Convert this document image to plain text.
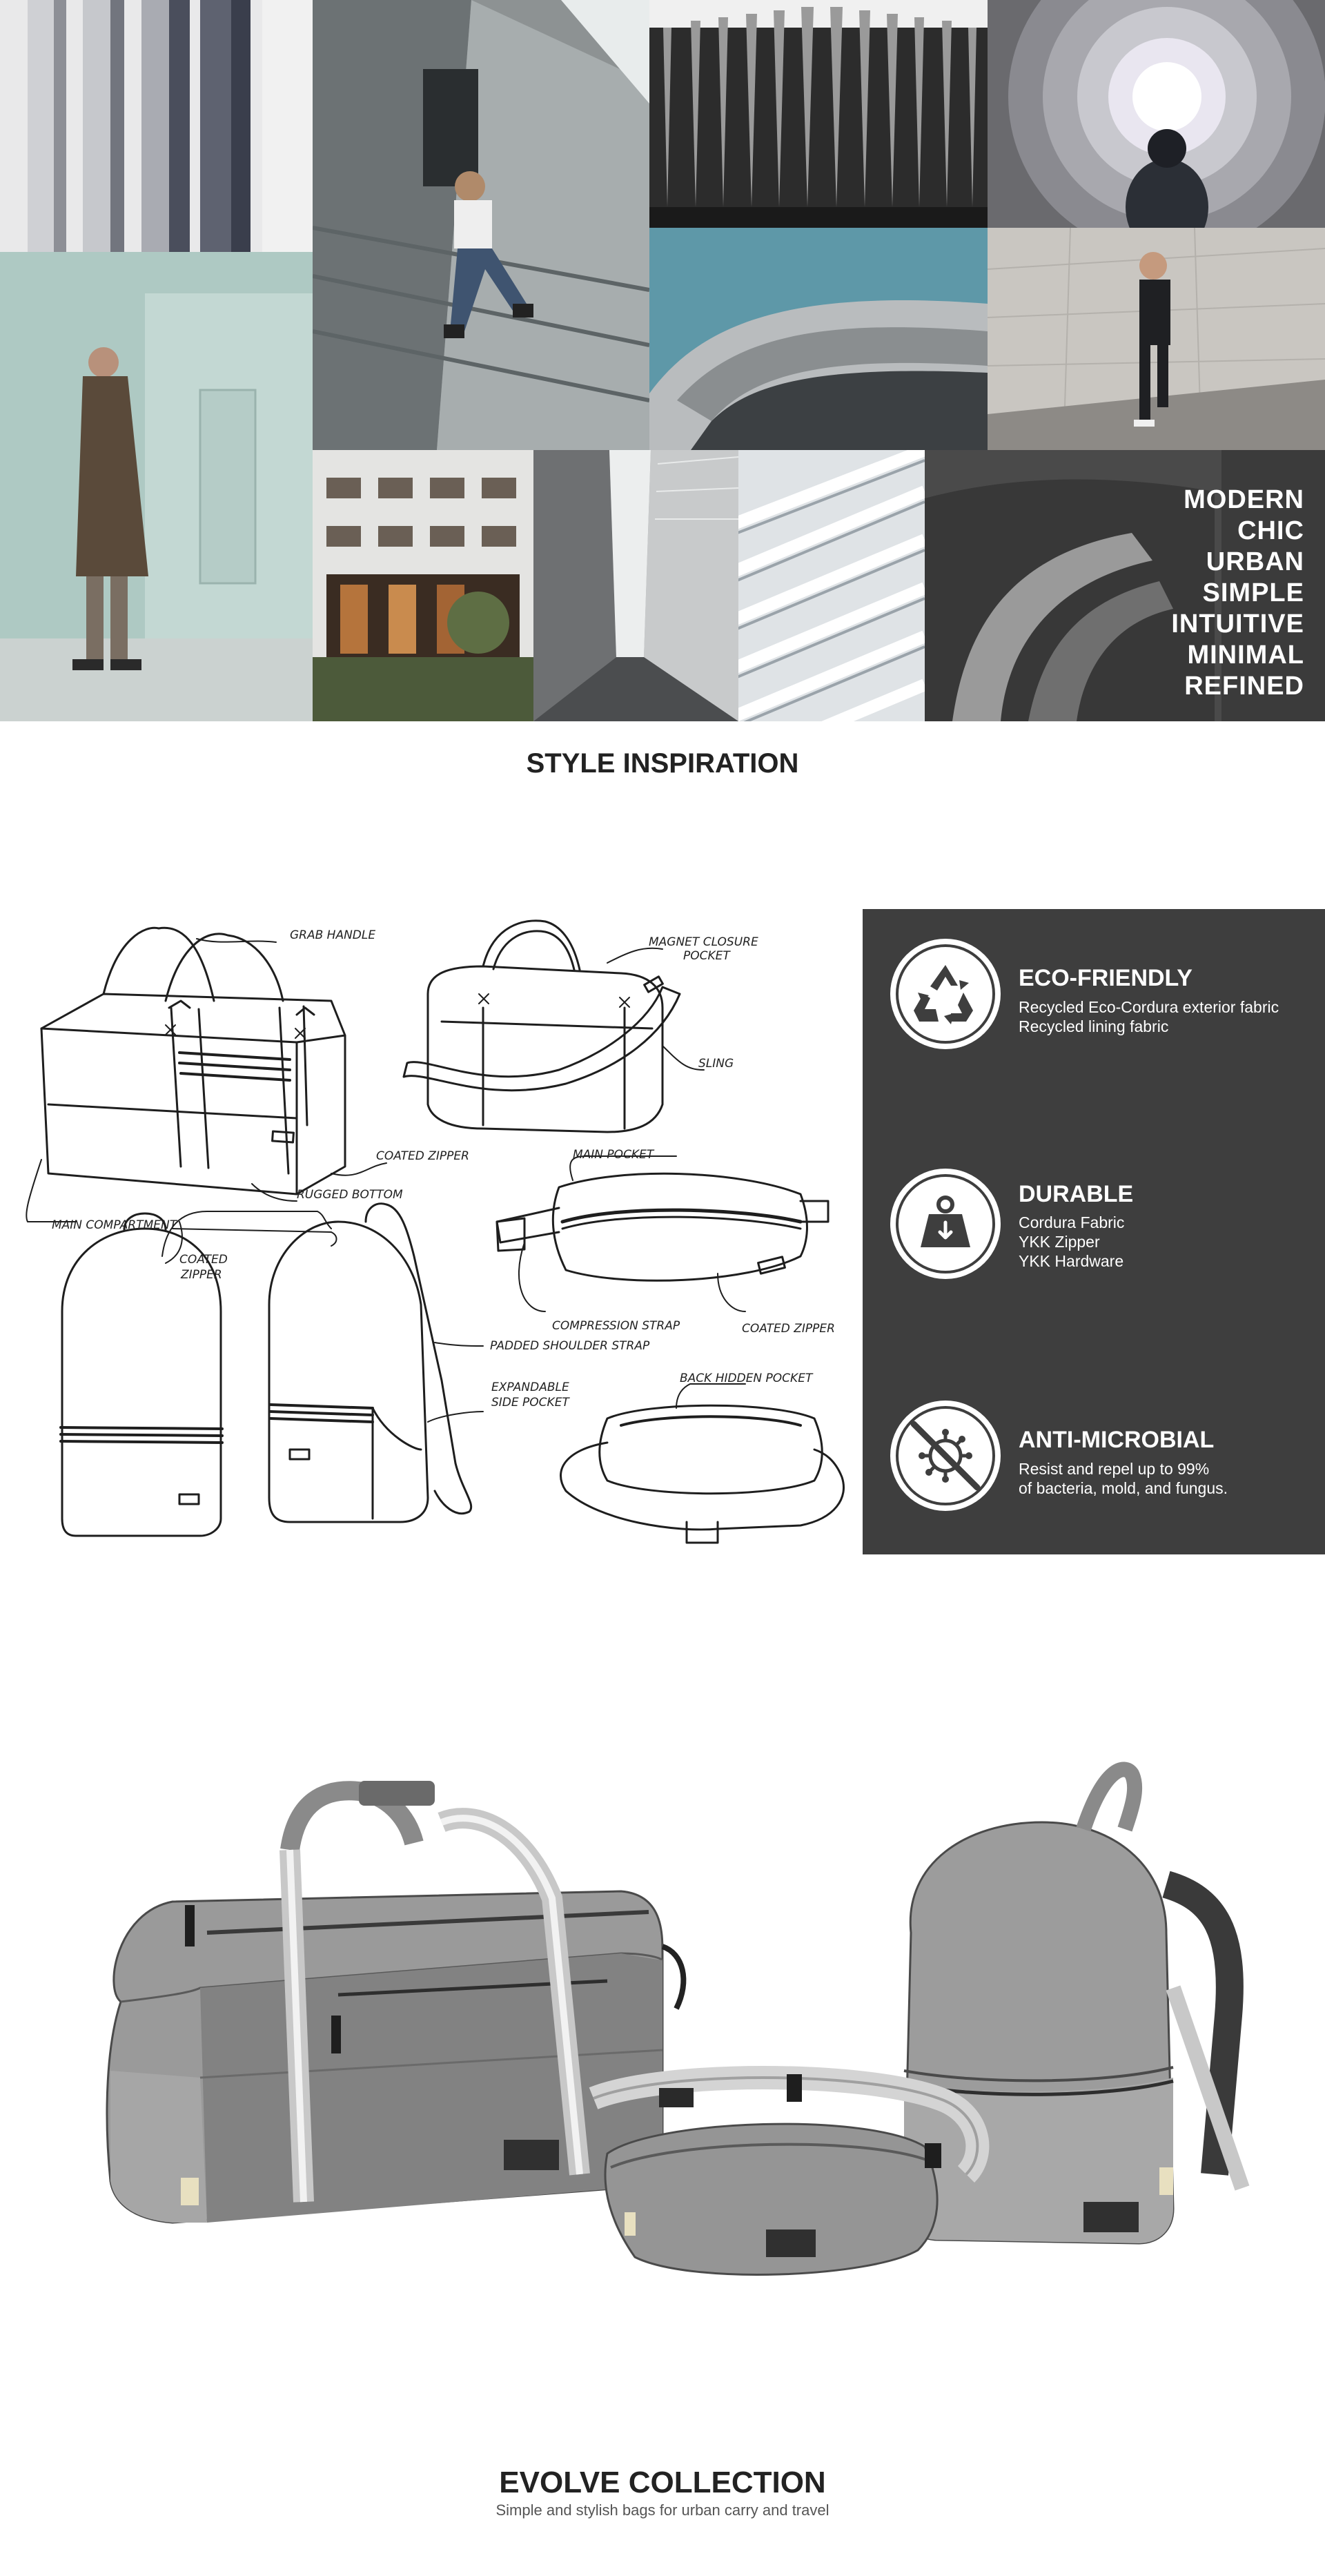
MODERN
CHIC
URBAN
SIMPLE
INTUITIVE
MINIMAL
REFINED
STYLE INSPIRATION
GRAB HANDLE	MAGNET CLOSURE
POCKET
SLING
COATED ZIPPER
RUGGED BOTTOM
MAIN COMPARTMENT
MAIN POCKET
COATED
ZIPPER
COMPRESSION STRAP	COATED ZIPPER
PADDED SHOULDER STRAP
EXPANDABLE
SIDE POCKET
BACK HIDDEN POCKET
ECO-FRIENDLY
Recycled Eco-Cordura exterior fabric
Recycled lining fabric
DURABLE
Cordura Fabric
YKK Zipper
YKK Hardware
ANTI-MICROBIAL
Resist and repel up to 99%
of bacteria, mold, and fungus.
EVOLVE COLLECTION
Simple and stylish bags for urban carry and travel
